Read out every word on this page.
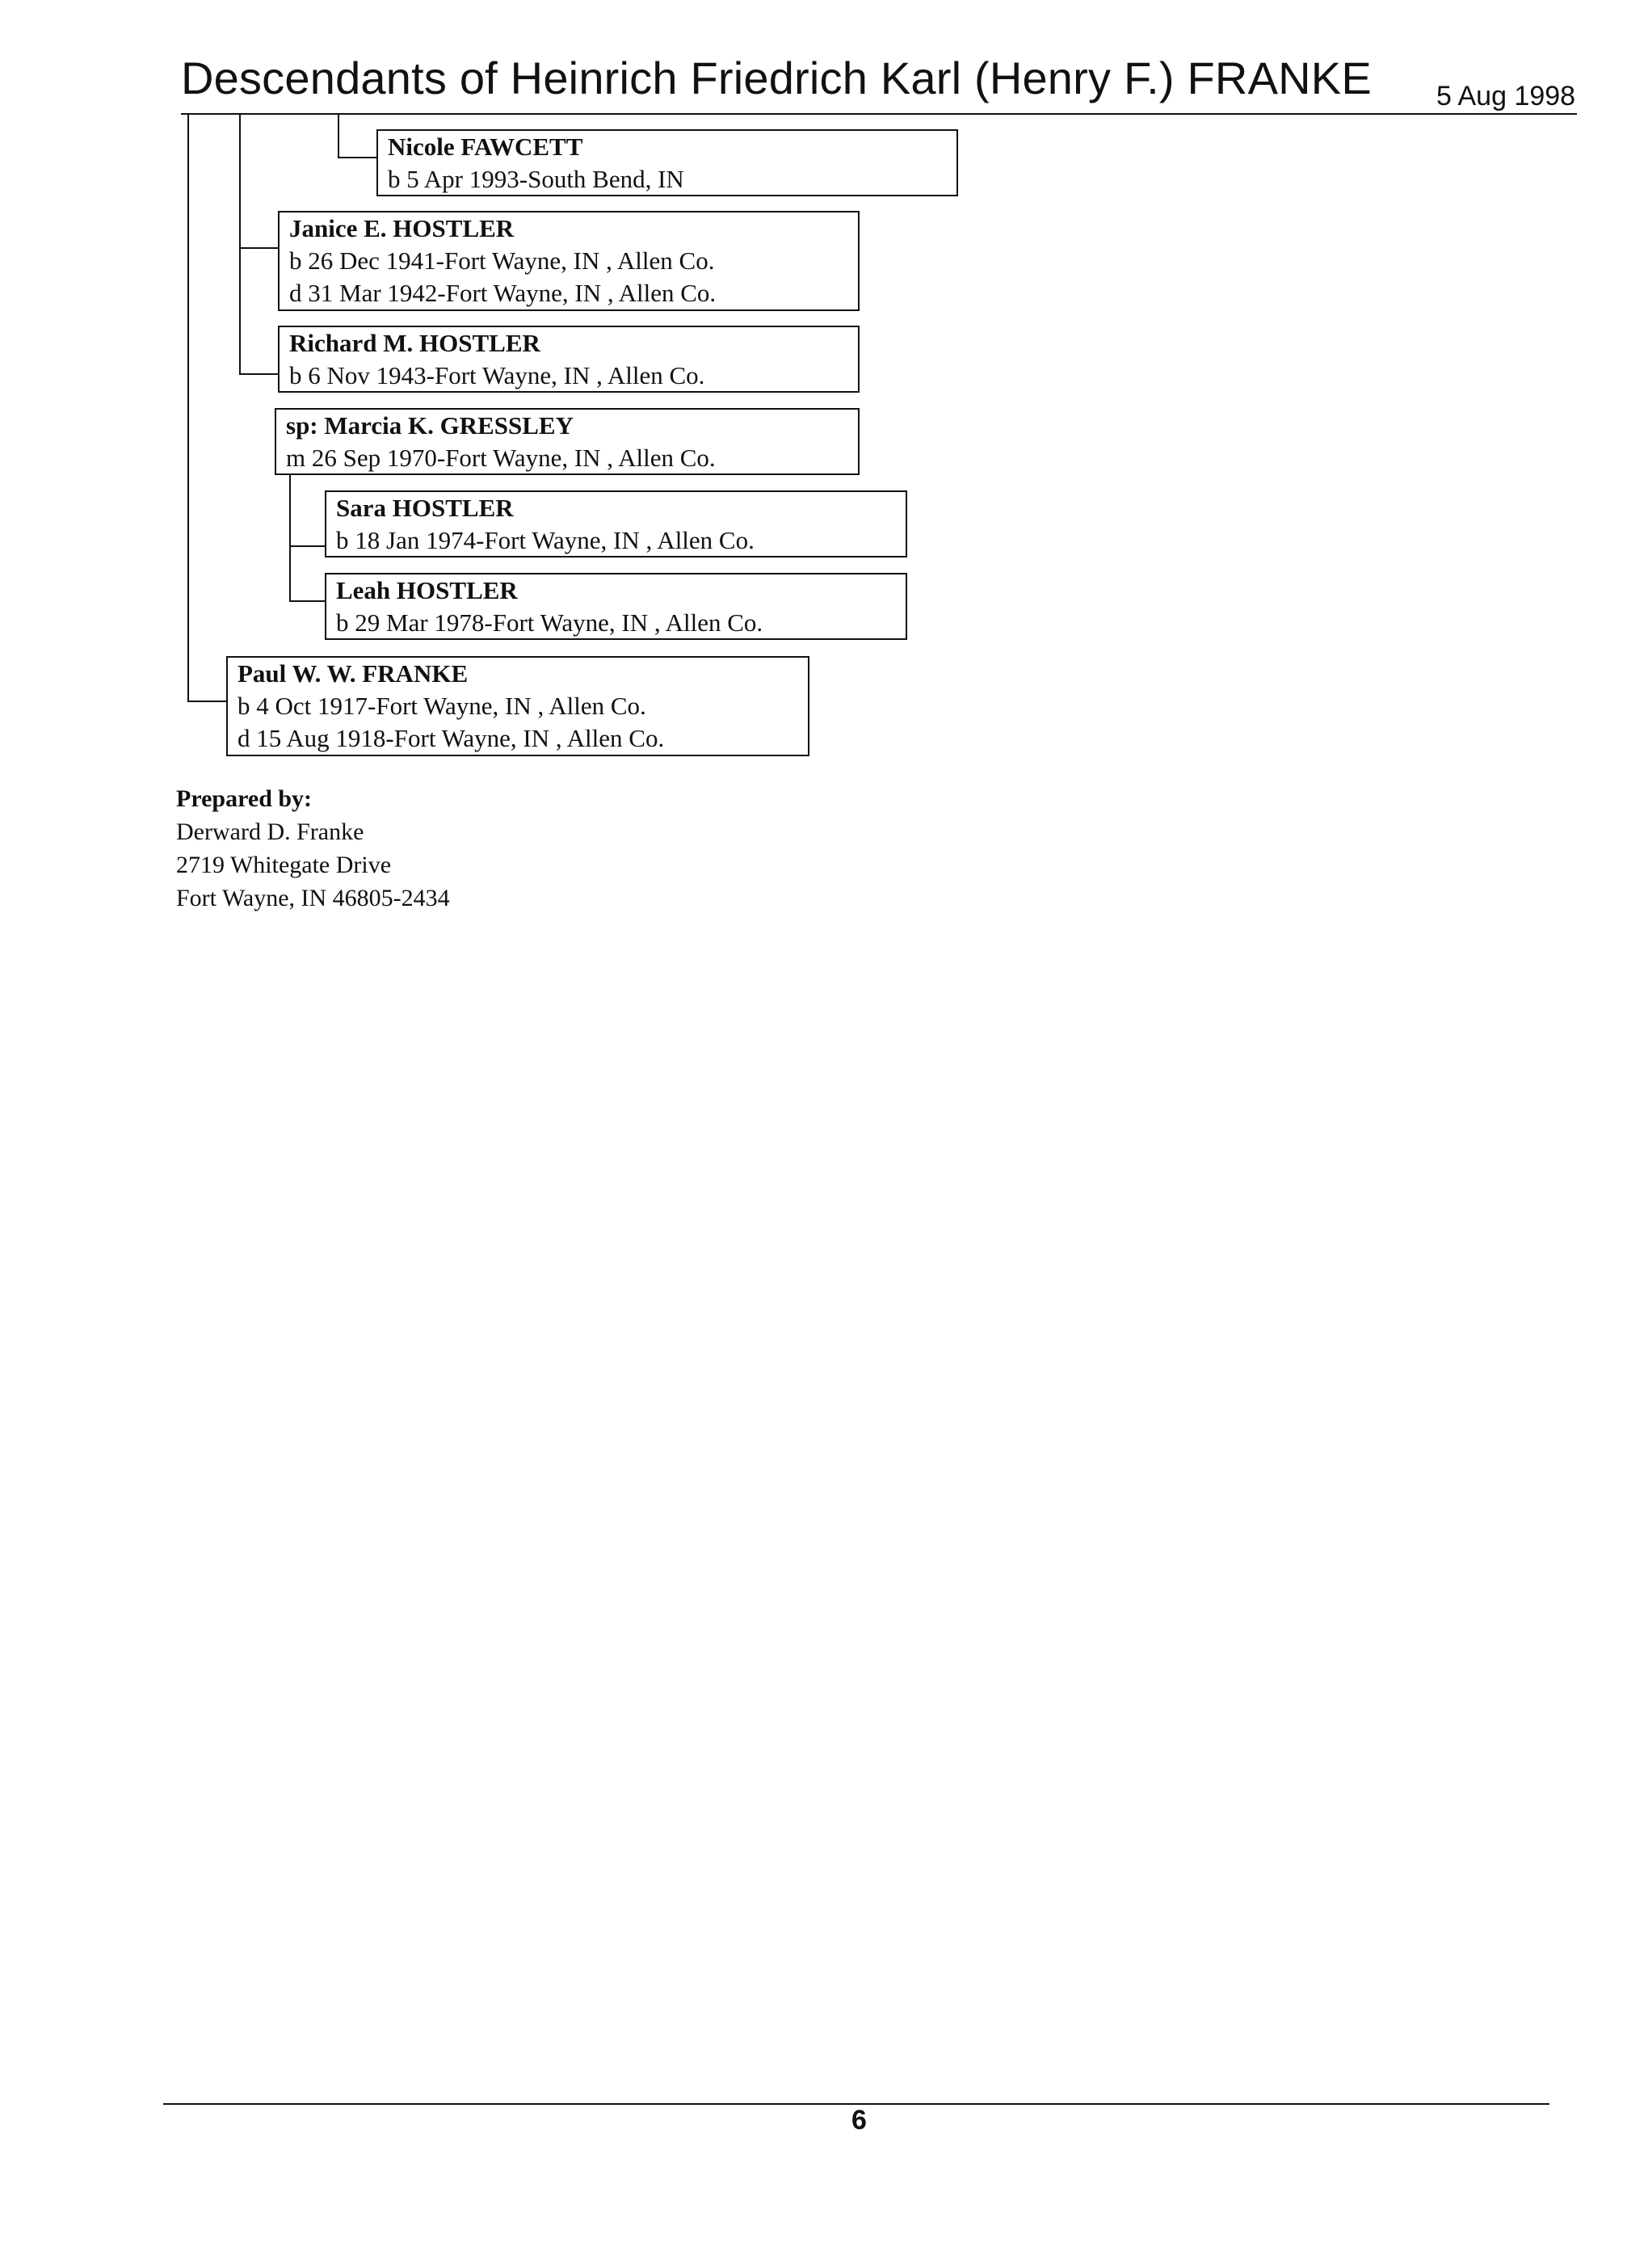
Descendants of Heinrich Friedrich Karl (Henry F.) FRANKE 5 Aug 1998
Nicole FAWCETT
b 5 Apr 1993-South Bend, IN
Janice E. HOSTLER
b 26 Dec 1941-Fort Wayne, IN , Allen Co.
d 31 Mar 1942-Fort Wayne, IN , Allen Co.
Richard M. HOSTLER
b 6 Nov 1943-Fort Wayne, IN , Allen Co.
sp: Marcia K. GRESSLEY
m 26 Sep 1970-Fort Wayne, IN , Allen Co.
Sara HOSTLER
b 18 Jan 1974-Fort Wayne, IN , Allen Co.
Leah HOSTLER
b 29 Mar 1978-Fort Wayne, IN , Allen Co.
Paul W. W. FRANKE
b 4 Oct 1917-Fort Wayne, IN , Allen Co.
d 15 Aug 1918-Fort Wayne, IN , Allen Co.
Prepared by:
Derward D. Franke
2719 Whitegate Drive
Fort Wayne, IN 46805-2434
6
